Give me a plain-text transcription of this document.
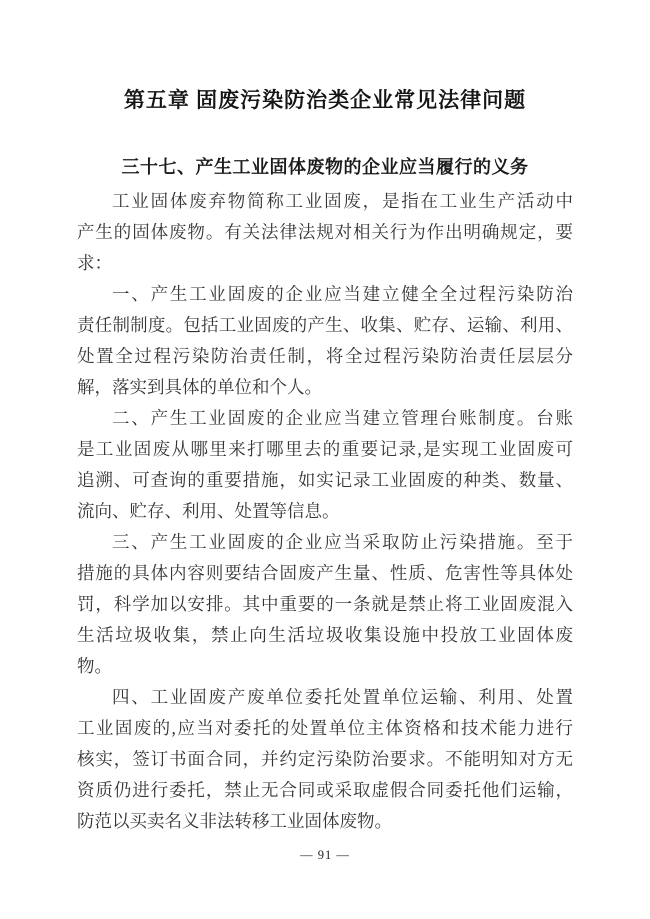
第五章 固废污染防治类企业常见法律问题
三十七、产生工业固体废物的企业应当履行的义务
工业固体废弃物简称工业固废，是指在工业生产活动中
产生的固体废物。有关法律法规对相关行为作出明确规定，要
求：
一、产生工业固废的企业应当建立健全全过程污染防治
责任制制度。包括工业固废的产生、收集、贮存、运输、利用、
处置全过程污染防治责任制，将全过程污染防治责任层层分
解，落实到具体的单位和个人。
二、产生工业固废的企业应当建立管理台账制度。台账
是工业固废从哪里来打哪里去的重要记录,是实现工业固废可
追溯、可查询的重要措施，如实记录工业固废的种类、数量、
流向、贮存、利用、处置等信息。
三、产生工业固废的企业应当采取防止污染措施。至于
措施的具体内容则要结合固废产生量、性质、危害性等具体处
罚，科学加以安排。其中重要的一条就是禁止将工业固废混入
生活垃圾收集，禁止向生活垃圾收集设施中投放工业固体废
物。
四、工业固废产废单位委托处置单位运输、利用、处置
工业固废的,应当对委托的处置单位主体资格和技术能力进行
核实，签订书面合同，并约定污染防治要求。不能明知对方无
资质仍进行委托，禁止无合同或采取虚假合同委托他们运输，
防范以买卖名义非法转移工业固体废物。
— 91 —
